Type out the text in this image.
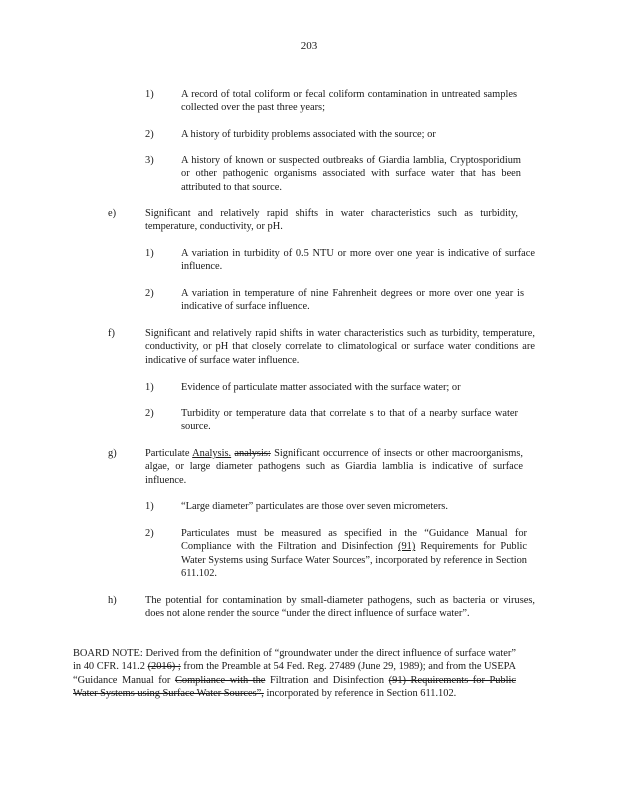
203
1)	A record of total coliform or fecal coliform contamination in untreated samples collected over the past three years;
2)	A history of turbidity problems associated with the source; or
3)	A history of known or suspected outbreaks of Giardia lamblia, Cryptosporidium or other pathogenic organisms associated with surface water that has been attributed to that source.
e)	Significant and relatively rapid shifts in water characteristics such as turbidity, temperature, conductivity, or pH.
1)	A variation in turbidity of 0.5 NTU or more over one year is indicative of surface influence.
2)	A variation in temperature of nine Fahrenheit degrees or more over one year is indicative of surface influence.
f)	Significant and relatively rapid shifts in water characteristics such as turbidity, temperature, conductivity, or pH that closely correlate to climatological or surface water conditions are indicative of surface water influence.
1)	Evidence of particulate matter associated with the surface water; or
2)	Turbidity or temperature data that correlate s to that of a nearby surface water source.
g)	Particulate Analysis. analysis: Significant occurrence of insects or other macroorganisms, algae, or large diameter pathogens such as Giardia lamblia is indicative of surface influence.
1)	“Large diameter” particulates are those over seven micrometers.
2)	Particulates must be measured as specified in the “Guidance Manual for Compliance with the Filtration and Disinfection (91) Requirements for Public Water Systems using Surface Water Sources”, incorporated by reference in Section 611.102.
h)	The potential for contamination by small-diameter pathogens, such as bacteria or viruses, does not alone render the source “under the direct influence of surface water”.
BOARD NOTE: Derived from the definition of “groundwater under the direct influence of surface water” in 40 CFR. 141.2 (2016) ; from the Preamble at 54 Fed. Reg. 27489 (June 29, 1989); and from the USEPA “Guidance Manual for Compliance with the Filtration and Disinfection (91) Requirements for Public Water Systems using Surface Water Sources”, incorporated by reference in Section 611.102.
